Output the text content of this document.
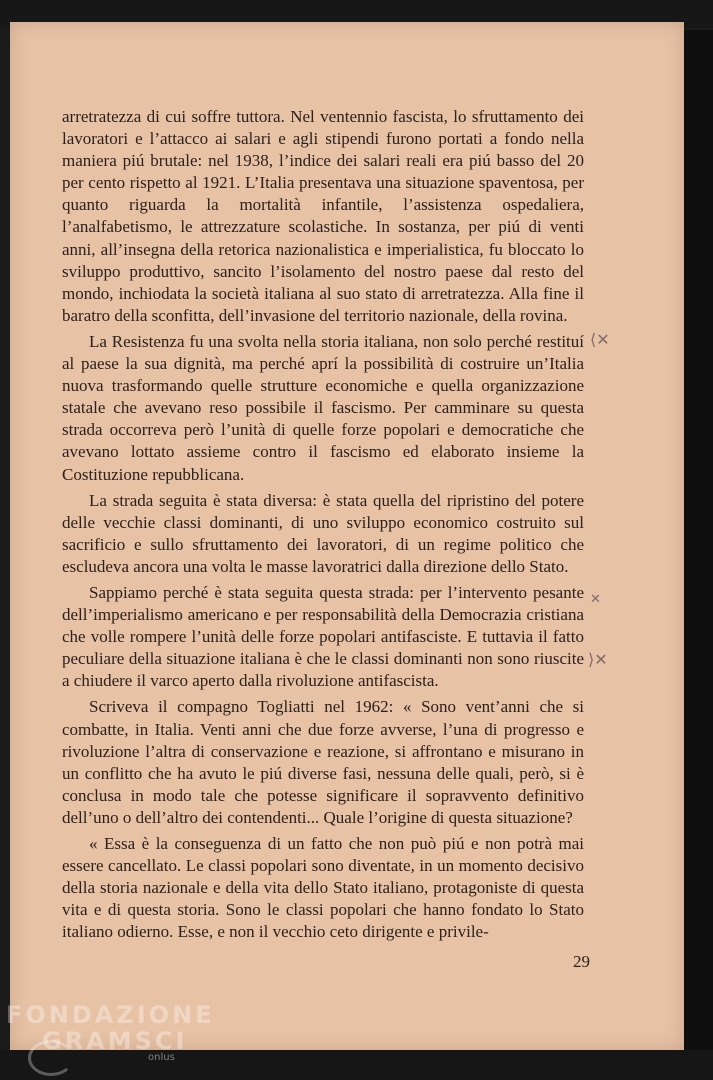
arretratezza di cui soffre tuttora. Nel ventennio fascista, lo sfruttamento dei lavoratori e l’attacco ai salari e agli stipendi furono portati a fondo nella maniera piú brutale: nel 1938, l’indice dei salari reali era piú basso del 20 per cento rispetto al 1921. L’Italia presentava una situazione spaventosa, per quanto riguarda la mortalità infantile, l’assistenza ospedaliera, l’analfabetismo, le attrezzature scolastiche. In sostanza, per piú di venti anni, all’insegna della retorica nazionalistica e imperialistica, fu bloccato lo sviluppo produttivo, sancito l’isolamento del nostro paese dal resto del mondo, inchiodata la società italiana al suo stato di arretratezza. Alla fine il baratro della sconfitta, dell’invasione del territorio nazionale, della rovina.

La Resistenza fu una svolta nella storia italiana, non solo perché restituí al paese la sua dignità, ma perché aprí la possibilità di costruire un’Italia nuova trasformando quelle strutture economiche e quella organizzazione statale che avevano reso possibile il fascismo. Per camminare su questa strada occorreva però l’unità di quelle forze popolari e democratiche che avevano lottato assieme contro il fascismo ed elaborato insieme la Costituzione repubblicana.

La strada seguita è stata diversa: è stata quella del ripristino del potere delle vecchie classi dominanti, di uno sviluppo economico costruito sul sacrificio e sullo sfruttamento dei lavoratori, di un regime politico che escludeva ancora una volta le masse lavoratrici dalla direzione dello Stato.

Sappiamo perché è stata seguita questa strada: per l’intervento pesante dell’imperialismo americano e per responsabilità della Democrazia cristiana che volle rompere l’unità delle forze popolari antifasciste. E tuttavia il fatto peculiare della situazione italiana è che le classi dominanti non sono riuscite a chiudere il varco aperto dalla rivoluzione antifascista.

Scriveva il compagno Togliatti nel 1962: « Sono vent’anni che si combatte, in Italia. Venti anni che due forze avverse, l’una di progresso e rivoluzione l’altra di conservazione e reazione, si affrontano e misurano in un conflitto che ha avuto le piú diverse fasi, nessuna delle quali, però, si è conclusa in modo tale che potesse significare il sopravvento definitivo dell’uno o dell’altro dei contendenti... Quale l’origine di questa situazione?

« Essa è la conseguenza di un fatto che non può piú e non potrà mai essere cancellato. Le classi popolari sono diventate, in un momento decisivo della storia nazionale e della vita dello Stato italiano, protagoniste di questa vita e di questa storia. Sono le classi popolari che hanno fondato lo Stato italiano odierno. Esse, e non il vecchio ceto dirigente e privile-

⟨✕
✕
⟩✕
29
FONDAZIONE
GRAMSCI
onlus
